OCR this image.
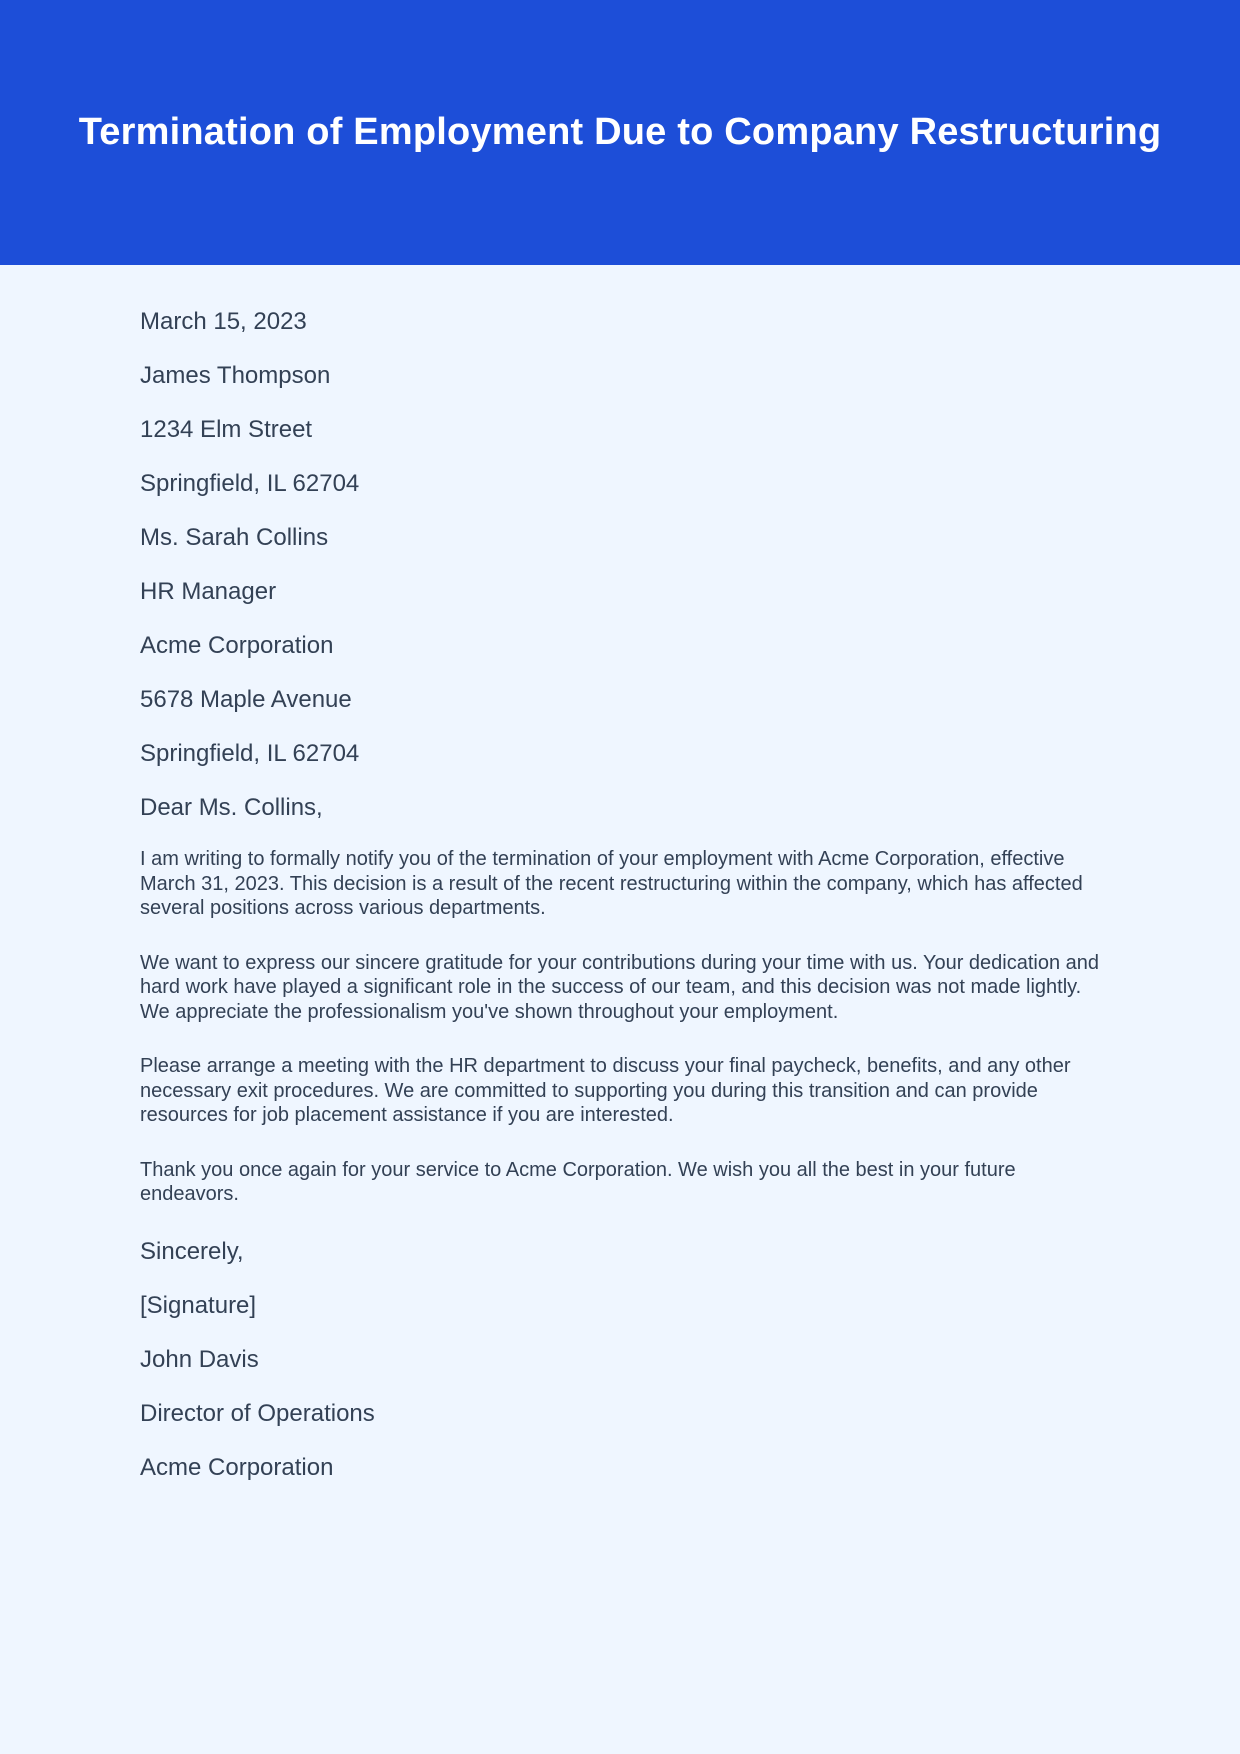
Termination of Employment Due to Company Restructuring

March 15, 2023

James Thompson

1234 Elm Street

Springfield, IL 62704

Ms. Sarah Collins

HR Manager

Acme Corporation

5678 Maple Avenue

Springfield, IL 62704

Dear Ms. Collins,

I am writing to formally notify you of the termination of your employment with Acme Corporation, effective March 31, 2023. This decision is a result of the recent restructuring within the company, which has affected several positions across various departments.

We want to express our sincere gratitude for your contributions during your time with us. Your dedication and hard work have played a significant role in the success of our team, and this decision was not made lightly. We appreciate the professionalism you've shown throughout your employment.

Please arrange a meeting with the HR department to discuss your final paycheck, benefits, and any other necessary exit procedures. We are committed to supporting you during this transition and can provide resources for job placement assistance if you are interested.

Thank you once again for your service to Acme Corporation. We wish you all the best in your future endeavors.

Sincerely,

[Signature]

John Davis

Director of Operations

Acme Corporation
